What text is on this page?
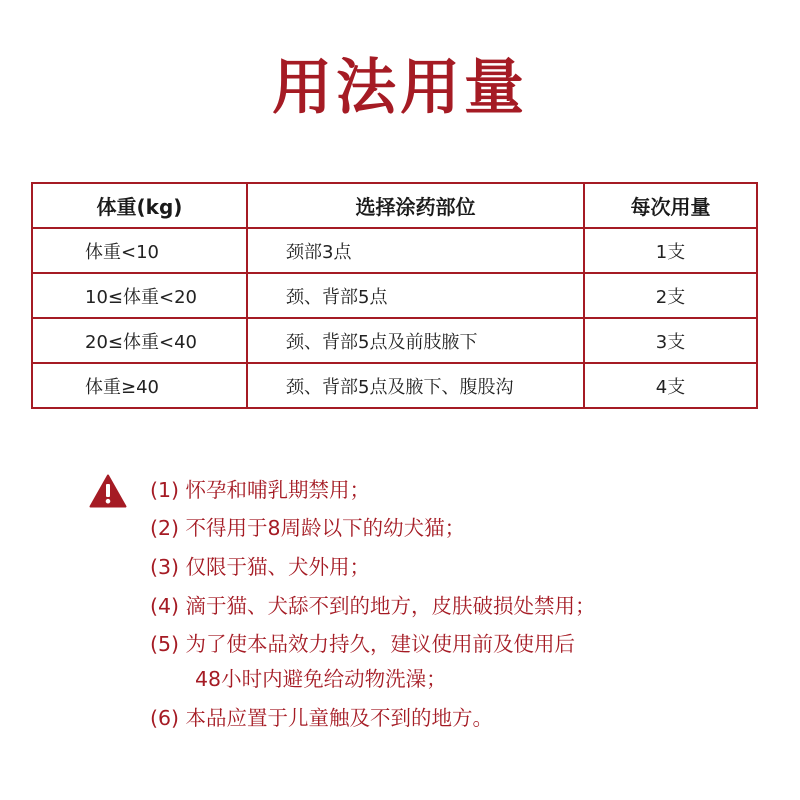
用法用量
体重(kg)	选择涂药部位	每次用量
体重<10	颈部3点	1支
10≤体重<20	颈、背部5点	2支
20≤体重<40	颈、背部5点及前肢腋下	3支
体重≥40	颈、背部5点及腋下、腹股沟	4支
(1) 怀孕和哺乳期禁用；
(2) 不得用于8周龄以下的幼犬猫；
(3) 仅限于猫、犬外用；
(4) 滴于猫、犬舔不到的地方，皮肤破损处禁用；
(5) 为了使本品效力持久，建议使用前及使用后
48小时内避免给动物洗澡；
(6) 本品应置于儿童触及不到的地方。
